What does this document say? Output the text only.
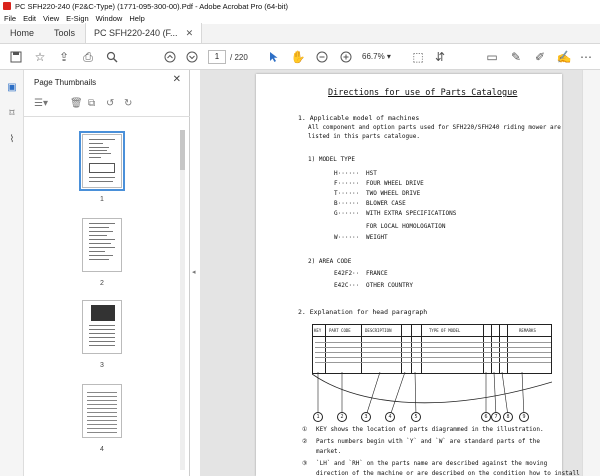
PC SFH220-240 (F2&C-Type) (1771-095-300-00).Pdf - Adobe Acrobat Pro (64-bit)
File Edit View E-Sign Window Help
Home	Tools	PC SFH220-240 (F... ✕
☆ ⇪ ⎙	1	/ 220	✋	66.7% ▾	⬚ ⇵	▭ ✎ ✐ ✍ ⋯
▣
⌑
⌇
Page Thumbnails	✕
☰▾ 🗑 ⧉ ↺ ↻
1
2
3
4
◂
Directions for use of Parts Catalogue
1. Applicable model of machines
All component and option parts used for SFH220/SFH240 riding mower are
listed in this parts catalogue.
1) MODEL TYPE
H······ HST
F······ FOUR WHEEL DRIVE
T······ TWO WHEEL DRIVE
B······ BLOWER CASE
G······ WITH EXTRA SPECIFICATIONS
FOR LOCAL HOMOLOGATION
W······ WEIGHT
2) AREA CODE
E42F2·· FRANCE
E42C··· OTHER COUNTRY
2. Explanation for head paragraph
KEY PART CODE	DESCRIPTION	TYPE OF MODEL	REMARKS
1	2	3	4	5	6	7	8	9
① KEY shows the location of parts diagrammed in the illustration.
② Parts numbers begin with `Y` and `W` are standard parts of the
market.
③ `LH` and `RH` on the parts name are described against the moving
direction of the machine or are described on the condition how to install
